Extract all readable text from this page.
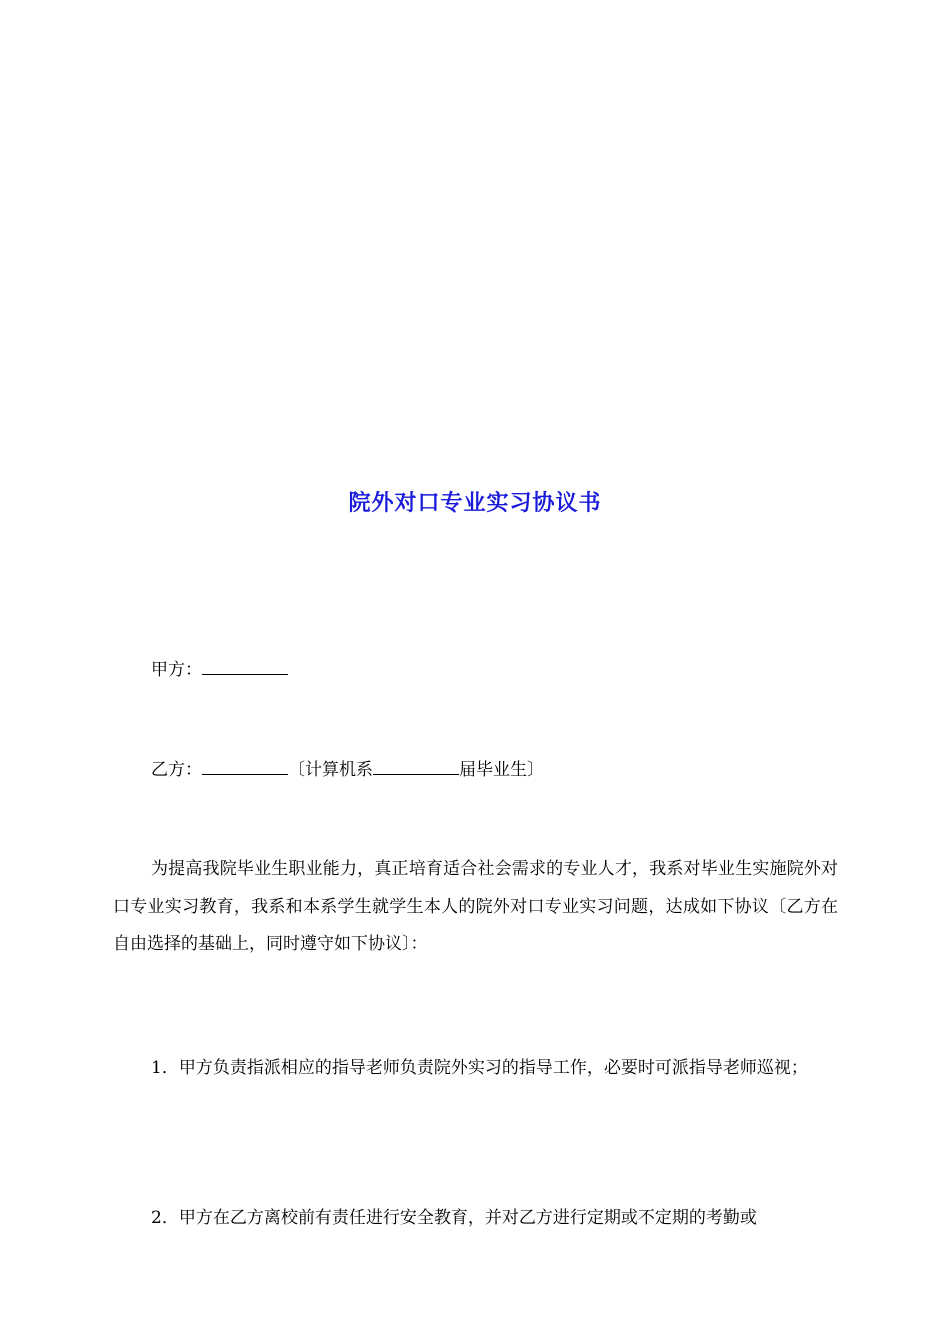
院外对口专业实习协议书
甲方：
乙方：	〔计算机系	届毕业生〕
为提高我院毕业生职业能力，真正培育适合社会需求的专业人才，我系对毕业生实施院外对口专业实习教育，我系和本系学生就学生本人的院外对口专业实习问题，达成如下协议〔乙方在自由选择的基础上，同时遵守如下协议〕：
1．甲方负责指派相应的指导老师负责院外实习的指导工作，必要时可派指导老师巡视；
2．甲方在乙方离校前有责任进行安全教育，并对乙方进行定期或不定期的考勤或
